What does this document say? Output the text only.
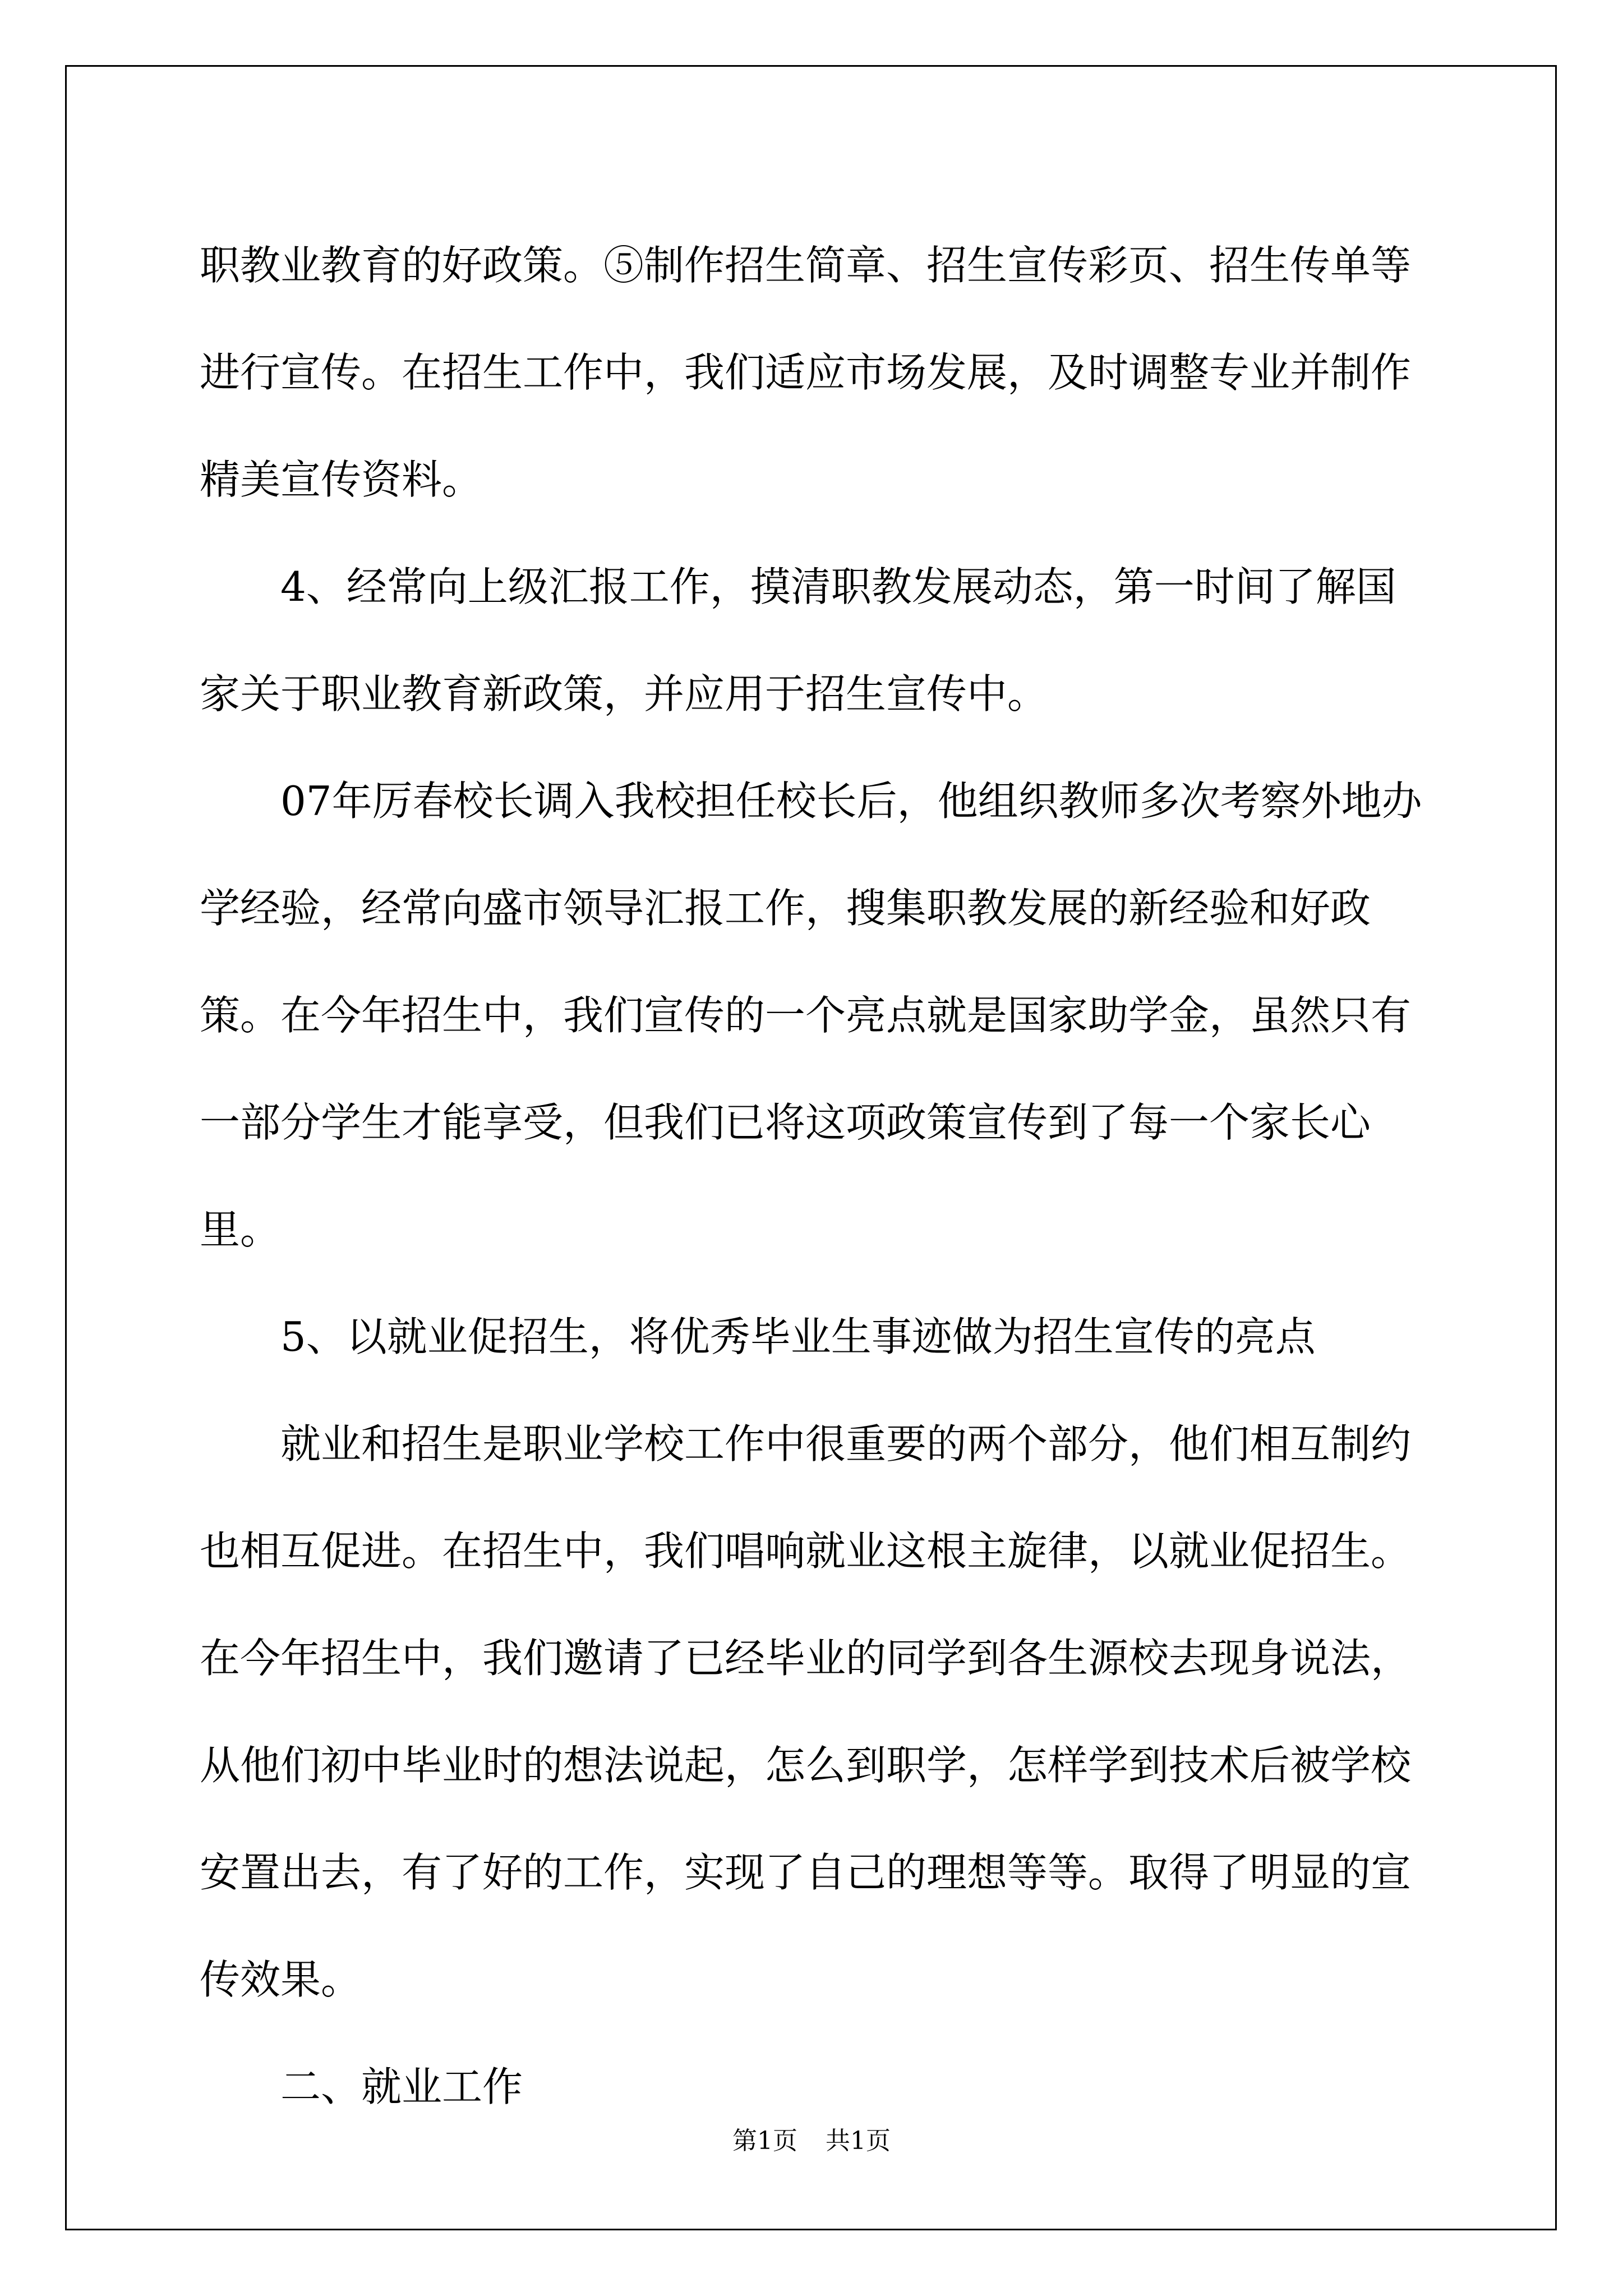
职教业教育的好政策。⑤制作招生简章、招生宣传彩页、招生传单等进行宣传。在招生工作中，我们适应市场发展，及时调整专业并制作精美宣传资料。

4、经常向上级汇报工作，摸清职教发展动态，第一时间了解国家关于职业教育新政策，并应用于招生宣传中。

07年厉春校长调入我校担任校长后，他组织教师多次考察外地办学经验，经常向盛市领导汇报工作，搜集职教发展的新经验和好政策。在今年招生中，我们宣传的一个亮点就是国家助学金，虽然只有一部分学生才能享受，但我们已将这项政策宣传到了每一个家长心里。

5、以就业促招生，将优秀毕业生事迹做为招生宣传的亮点

就业和招生是职业学校工作中很重要的两个部分，他们相互制约也相互促进。在招生中，我们唱响就业这根主旋律，以就业促招生。在今年招生中，我们邀请了已经毕业的同学到各生源校去现身说法，从他们初中毕业时的想法说起，怎么到职学，怎样学到技术后被学校安置出去，有了好的工作，实现了自己的理想等等。取得了明显的宣传效果。

二、就业工作

第1页 共1页
